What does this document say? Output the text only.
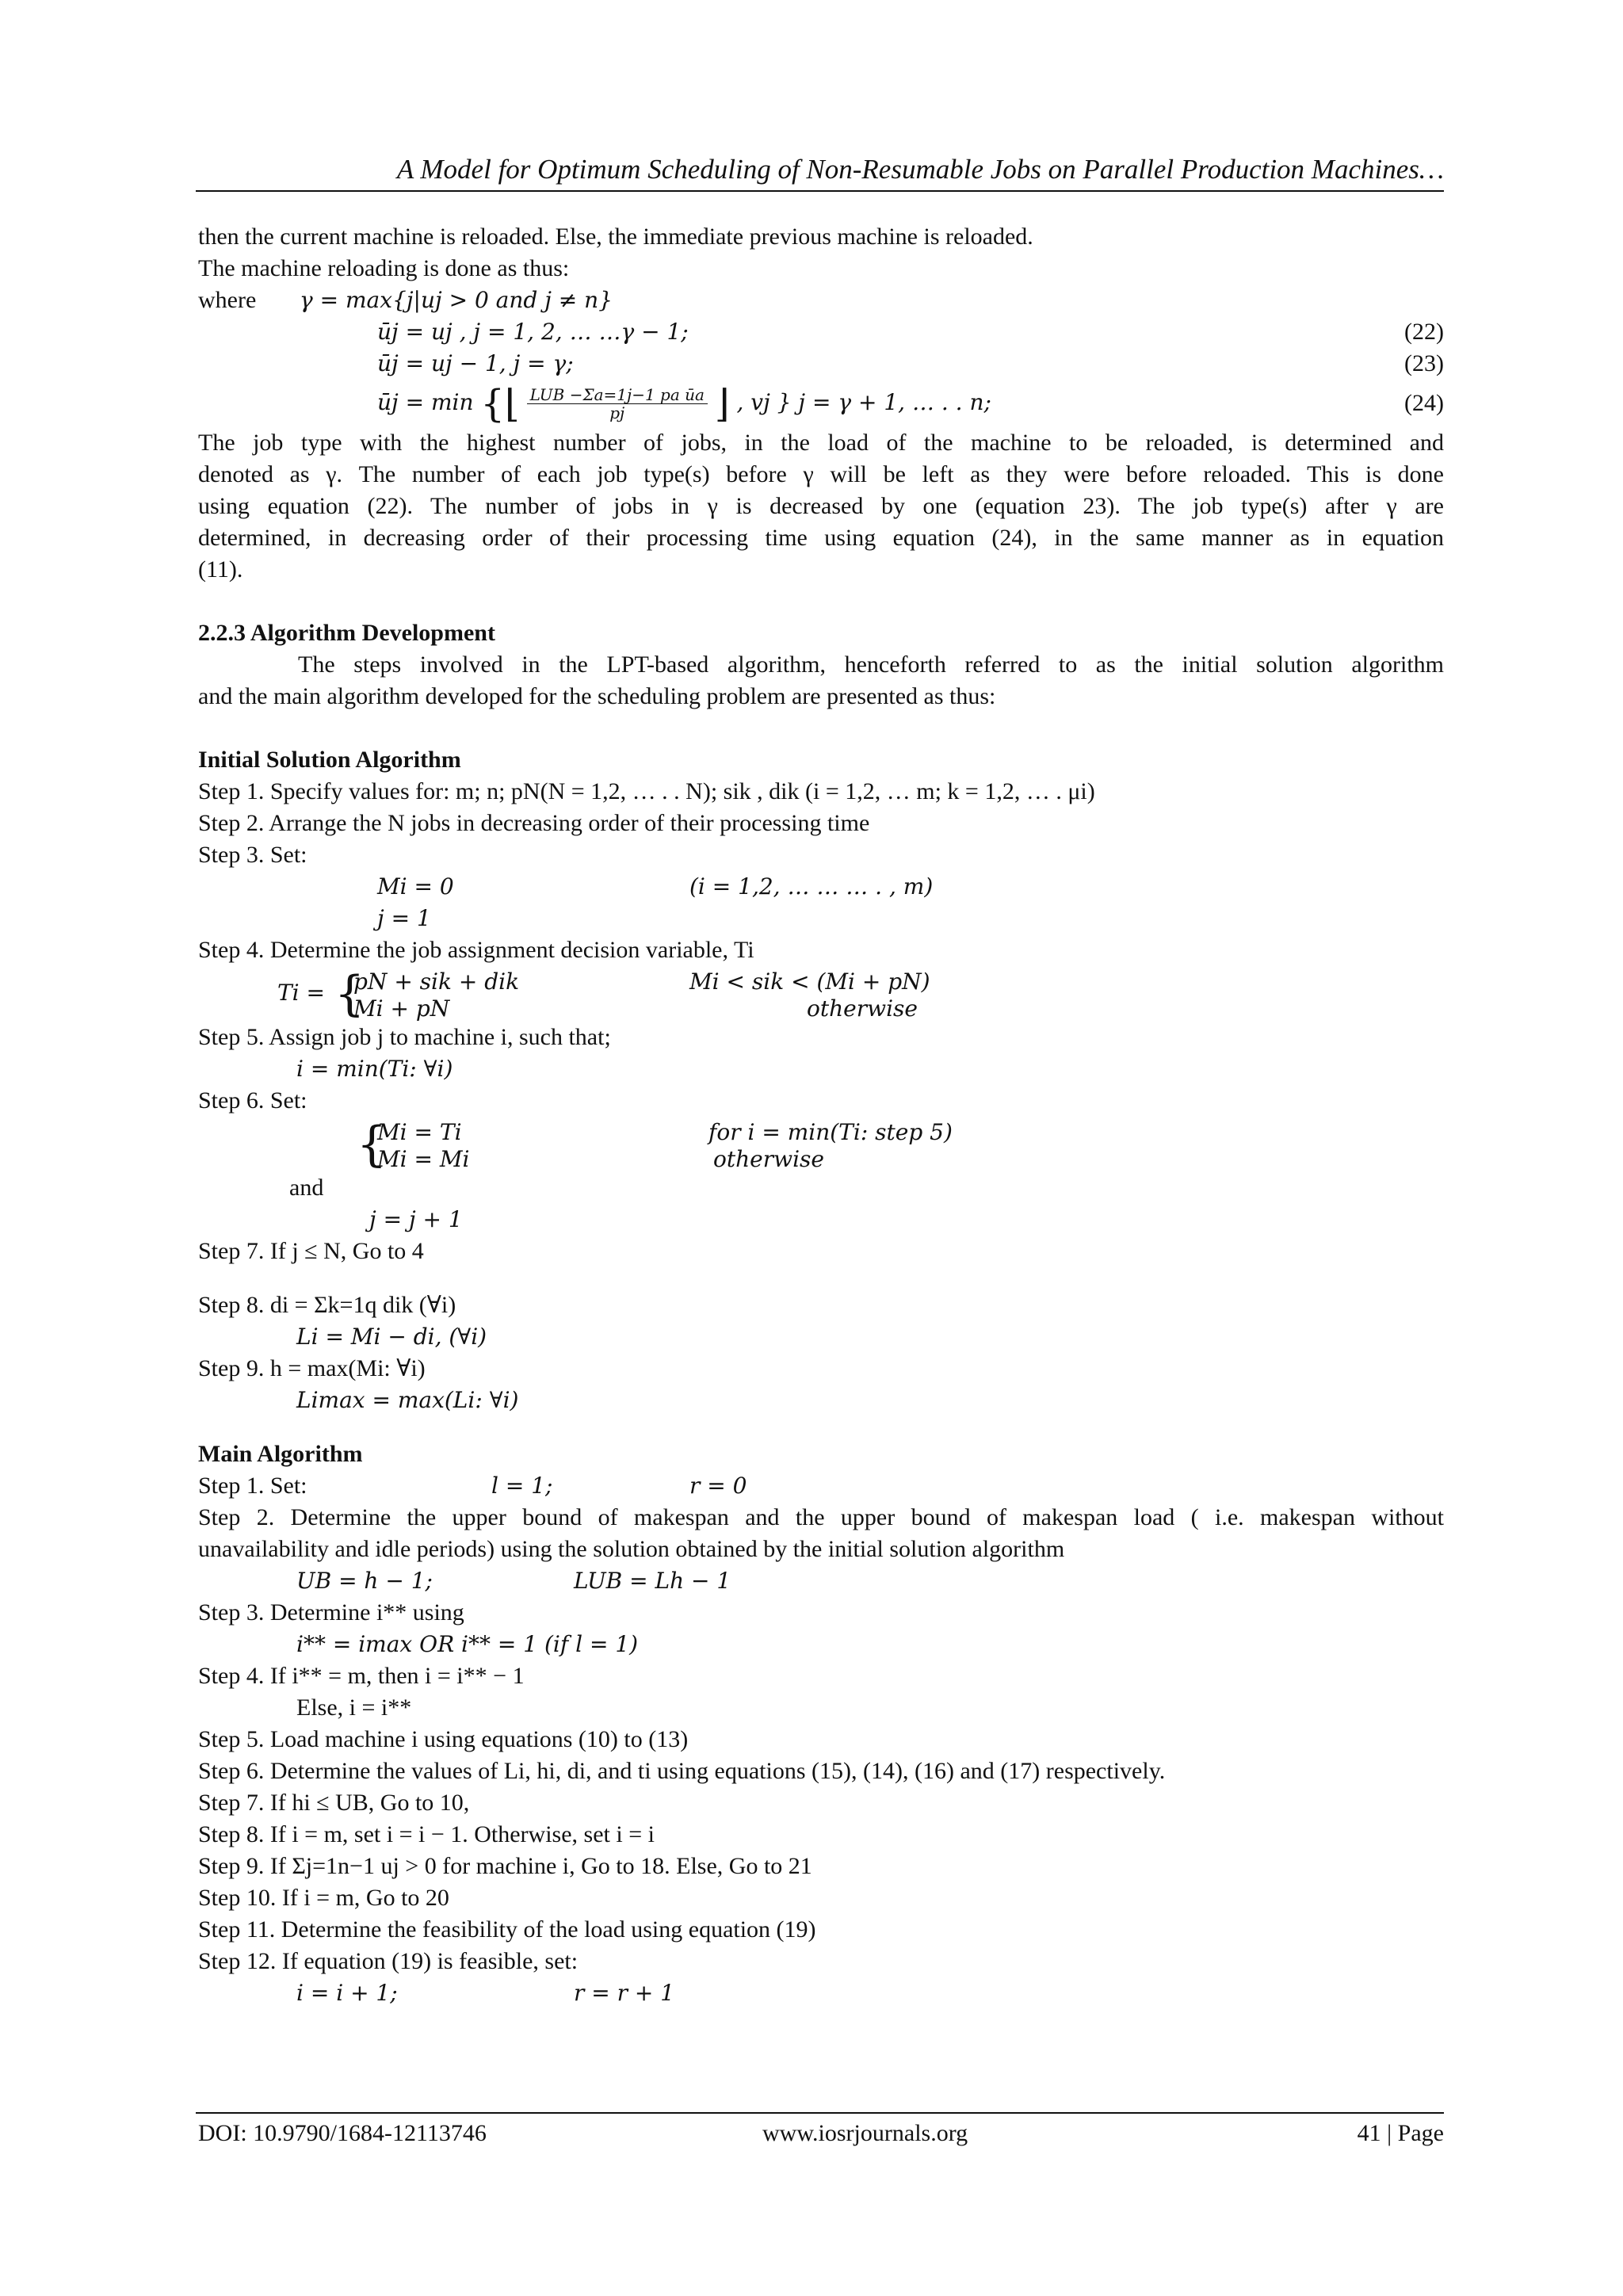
A Model for Optimum Scheduling of Non-Resumable Jobs on Parallel Production Machines…
then the current machine is reloaded. Else, the immediate previous machine is reloaded.
The machine reloading is done as thus:
where γ = max{j|uj > 0 and j ≠ n}
ūj = uj , j = 1, 2, … …γ − 1;	(22)
ūj = uj − 1, j = γ;	(23)
ūj = min {⌊ $\frac{\text{LUB −Σa=1j−1 pa ūa}}{pj}$ ⌋ , vj } j = γ + 1, … . . n;	(24)
The job type with the highest number of jobs, in the load of the machine to be reloaded, is determined and
denoted as γ. The number of each job type(s) before γ will be left as they were before reloaded. This is done
using equation (22). The number of jobs in γ is decreased by one (equation 23). The job type(s) after γ are
determined, in decreasing order of their processing time using equation (24), in the same manner as in equation
(11).
2.2.3 Algorithm Development
The steps involved in the LPT-based algorithm, henceforth referred to as the initial solution algorithm
and the main algorithm developed for the scheduling problem are presented as thus:
Initial Solution Algorithm
Step 1. Specify values for: m; n; pN(N = 1,2, … . . N); sik , dik (i = 1,2, … m; k = 1,2, … . μi)
Step 2. Arrange the N jobs in decreasing order of their processing time
Step 3. Set:
Mi = 0	(i = 1,2, … … … . , m)
j = 1
Step 4. Determine the job assignment decision variable, Ti
Ti = {
pN + sik + dik	Mi < sik < (Mi + pN)
Mi + pN	otherwise
Step 5. Assign job j to machine i, such that;
i = min(Ti: ∀i)
Step 6. Set:
{
Mi = Ti	for i = min(Ti: step 5)
Mi = Mi	otherwise
and
j = j + 1
Step 7. If j ≤ N, Go to 4
Step 8. di = Σk=1q dik (∀i)
Li = Mi − di, (∀i)
Step 9. h = max(Mi: ∀i)
Limax = max(Li: ∀i)
Main Algorithm
Step 1. Set:	l = 1;	r = 0
Step 2. Determine the upper bound of makespan and the upper bound of makespan load ( i.e. makespan without
unavailability and idle periods) using the solution obtained by the initial solution algorithm
UB = h − 1;	LUB = Lh − 1
Step 3. Determine i** using
i** = imax OR i** = 1 (if l = 1)
Step 4. If i** = m, then i = i** − 1
Else, i = i**
Step 5. Load machine i using equations (10) to (13)
Step 6. Determine the values of Li, hi, di, and ti using equations (15), (14), (16) and (17) respectively.
Step 7. If hi ≤ UB, Go to 10,
Step 8. If i = m, set i = i − 1. Otherwise, set i = i
Step 9. If Σj=1n−1 uj > 0 for machine i, Go to 18. Else, Go to 21
Step 10. If i = m, Go to 20
Step 11. Determine the feasibility of the load using equation (19)
Step 12. If equation (19) is feasible, set:
i = i + 1;	r = r + 1
DOI: 10.9790/1684-12113746	www.iosrjournals.org	41 | Page
